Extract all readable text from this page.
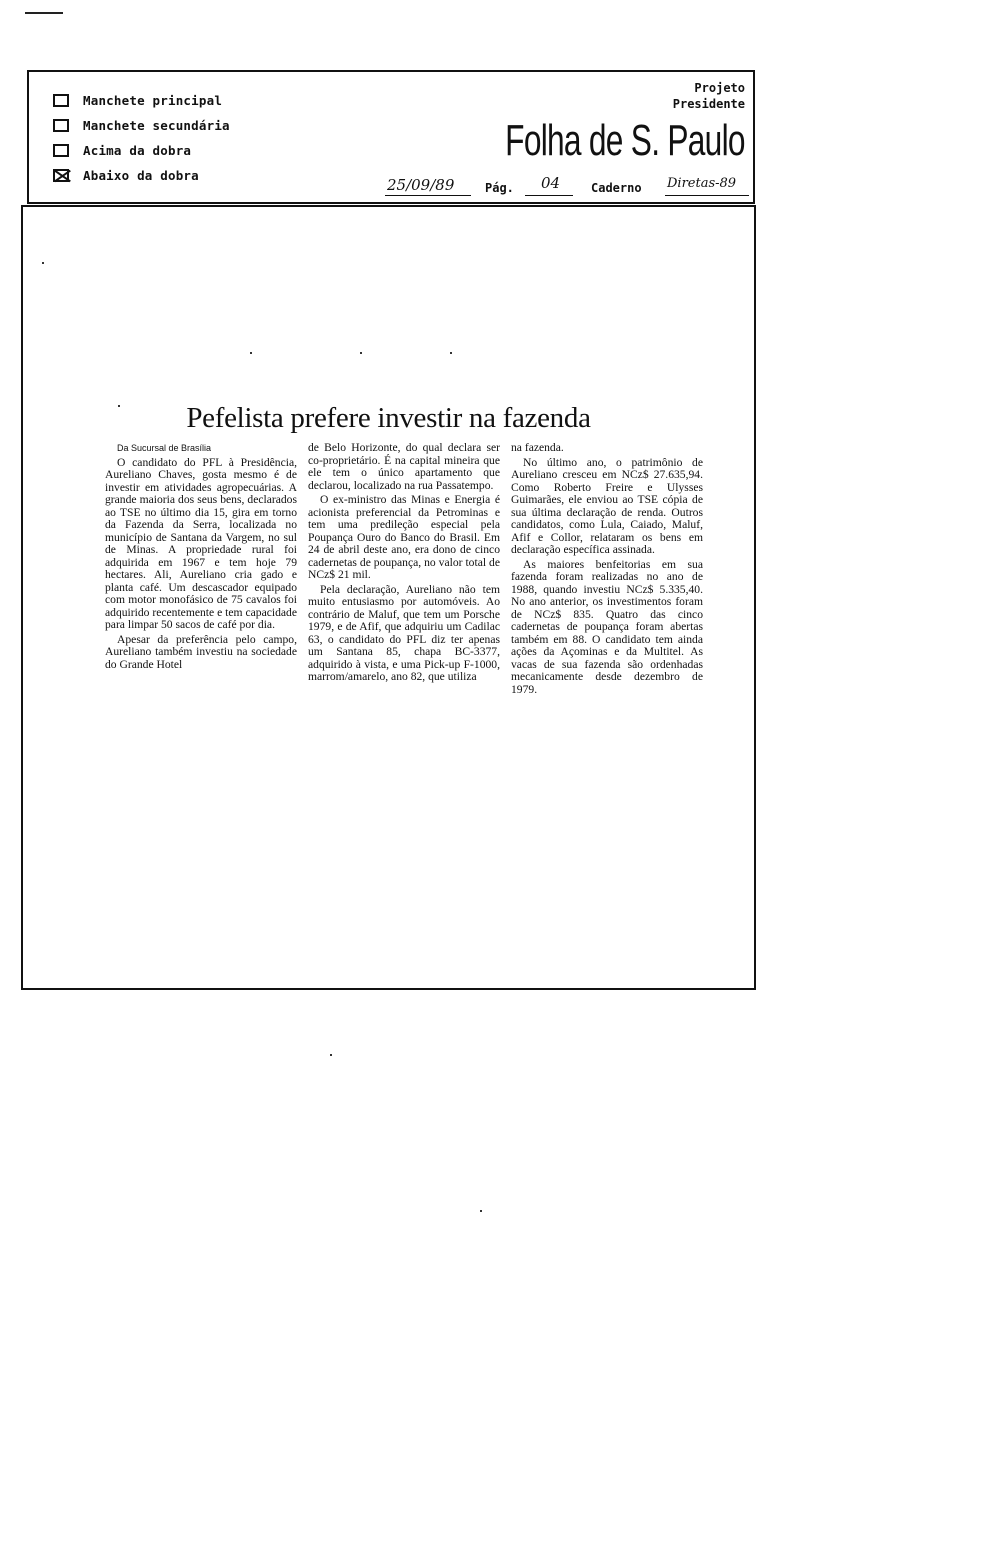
Manchete principal
Manchete secundária
Acima da dobra
Abaixo da dobra
Projeto
Presidente
Folha de S. Paulo
25/09/89	Pág. 04	Caderno Diretas-89
Pefelista prefere investir na fazenda

Da Sucursal de Brasília

O candidato do PFL à Presidência, Aureliano Chaves, gosta mesmo é de investir em atividades agropecuárias. A grande maioria dos seus bens, declarados ao TSE no último dia 15, gira em torno da Fazenda da Serra, localizada no município de Santana da Vargem, no sul de Minas. A propriedade rural foi adquirida em 1967 e tem hoje 79 hectares. Ali, Aureliano cria gado e planta café. Um descascador equipado com motor monofásico de 75 cavalos foi adquirido recentemente e tem capacidade para limpar 50 sacos de café por dia.

Apesar da preferência pelo campo, Aureliano também investiu na sociedade do Grande Hotel

de Belo Horizonte, do qual declara ser co-proprietário. É na capital mineira que ele tem o único apartamento que declarou, localizado na rua Passatempo.

O ex-ministro das Minas e Energia é acionista preferencial da Petrominas e tem uma predileção especial pela Poupança Ouro do Banco do Brasil. Em 24 de abril deste ano, era dono de cinco cadernetas de poupança, no valor total de NCz$ 21 mil.

Pela declaração, Aureliano não tem muito entusiasmo por automóveis. Ao contrário de Maluf, que tem um Porsche 1979, e de Afif, que adquiriu um Cadilac 63, o candidato do PFL diz ter apenas um Santana 85, chapa BC-3377, adquirido à vista, e uma Pick-up F-1000, marrom/amarelo, ano 82, que utiliza

na fazenda.

No último ano, o patrimônio de Aureliano cresceu em NCz$ 27.635,94. Como Roberto Freire e Ulysses Guimarães, ele enviou ao TSE cópia de sua última declaração de renda. Outros candidatos, como Lula, Caiado, Maluf, Afif e Collor, relataram os bens em declaração específica assinada.

As maiores benfeitorias em sua fazenda foram realizadas no ano de 1988, quando investiu NCz$ 5.335,40. No ano anterior, os investimentos foram de NCz$ 835. Quatro das cinco cadernetas de poupança foram abertas também em 88. O candidato tem ainda ações da Açominas e da Multitel. As vacas de sua fazenda são ordenhadas mecanicamente desde dezembro de 1979.
